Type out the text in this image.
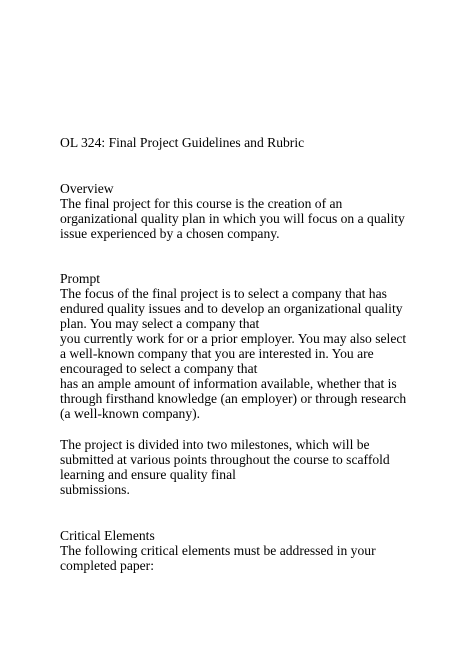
OL 324: Final Project Guidelines and Rubric
Overview
The final project for this course is the creation of an
organizational quality plan in which you will focus on a quality
issue experienced by a chosen company.
Prompt
The focus of the final project is to select a company that has
endured quality issues and to develop an organizational quality
plan. You may select a company that
you currently work for or a prior employer. You may also select
a well-known company that you are interested in. You are
encouraged to select a company that
has an ample amount of information available, whether that is
through firsthand knowledge (an employer) or through research
(a well-known company).
The project is divided into two milestones, which will be
submitted at various points throughout the course to scaffold
learning and ensure quality final
submissions.
Critical Elements
The following critical elements must be addressed in your
completed paper:
